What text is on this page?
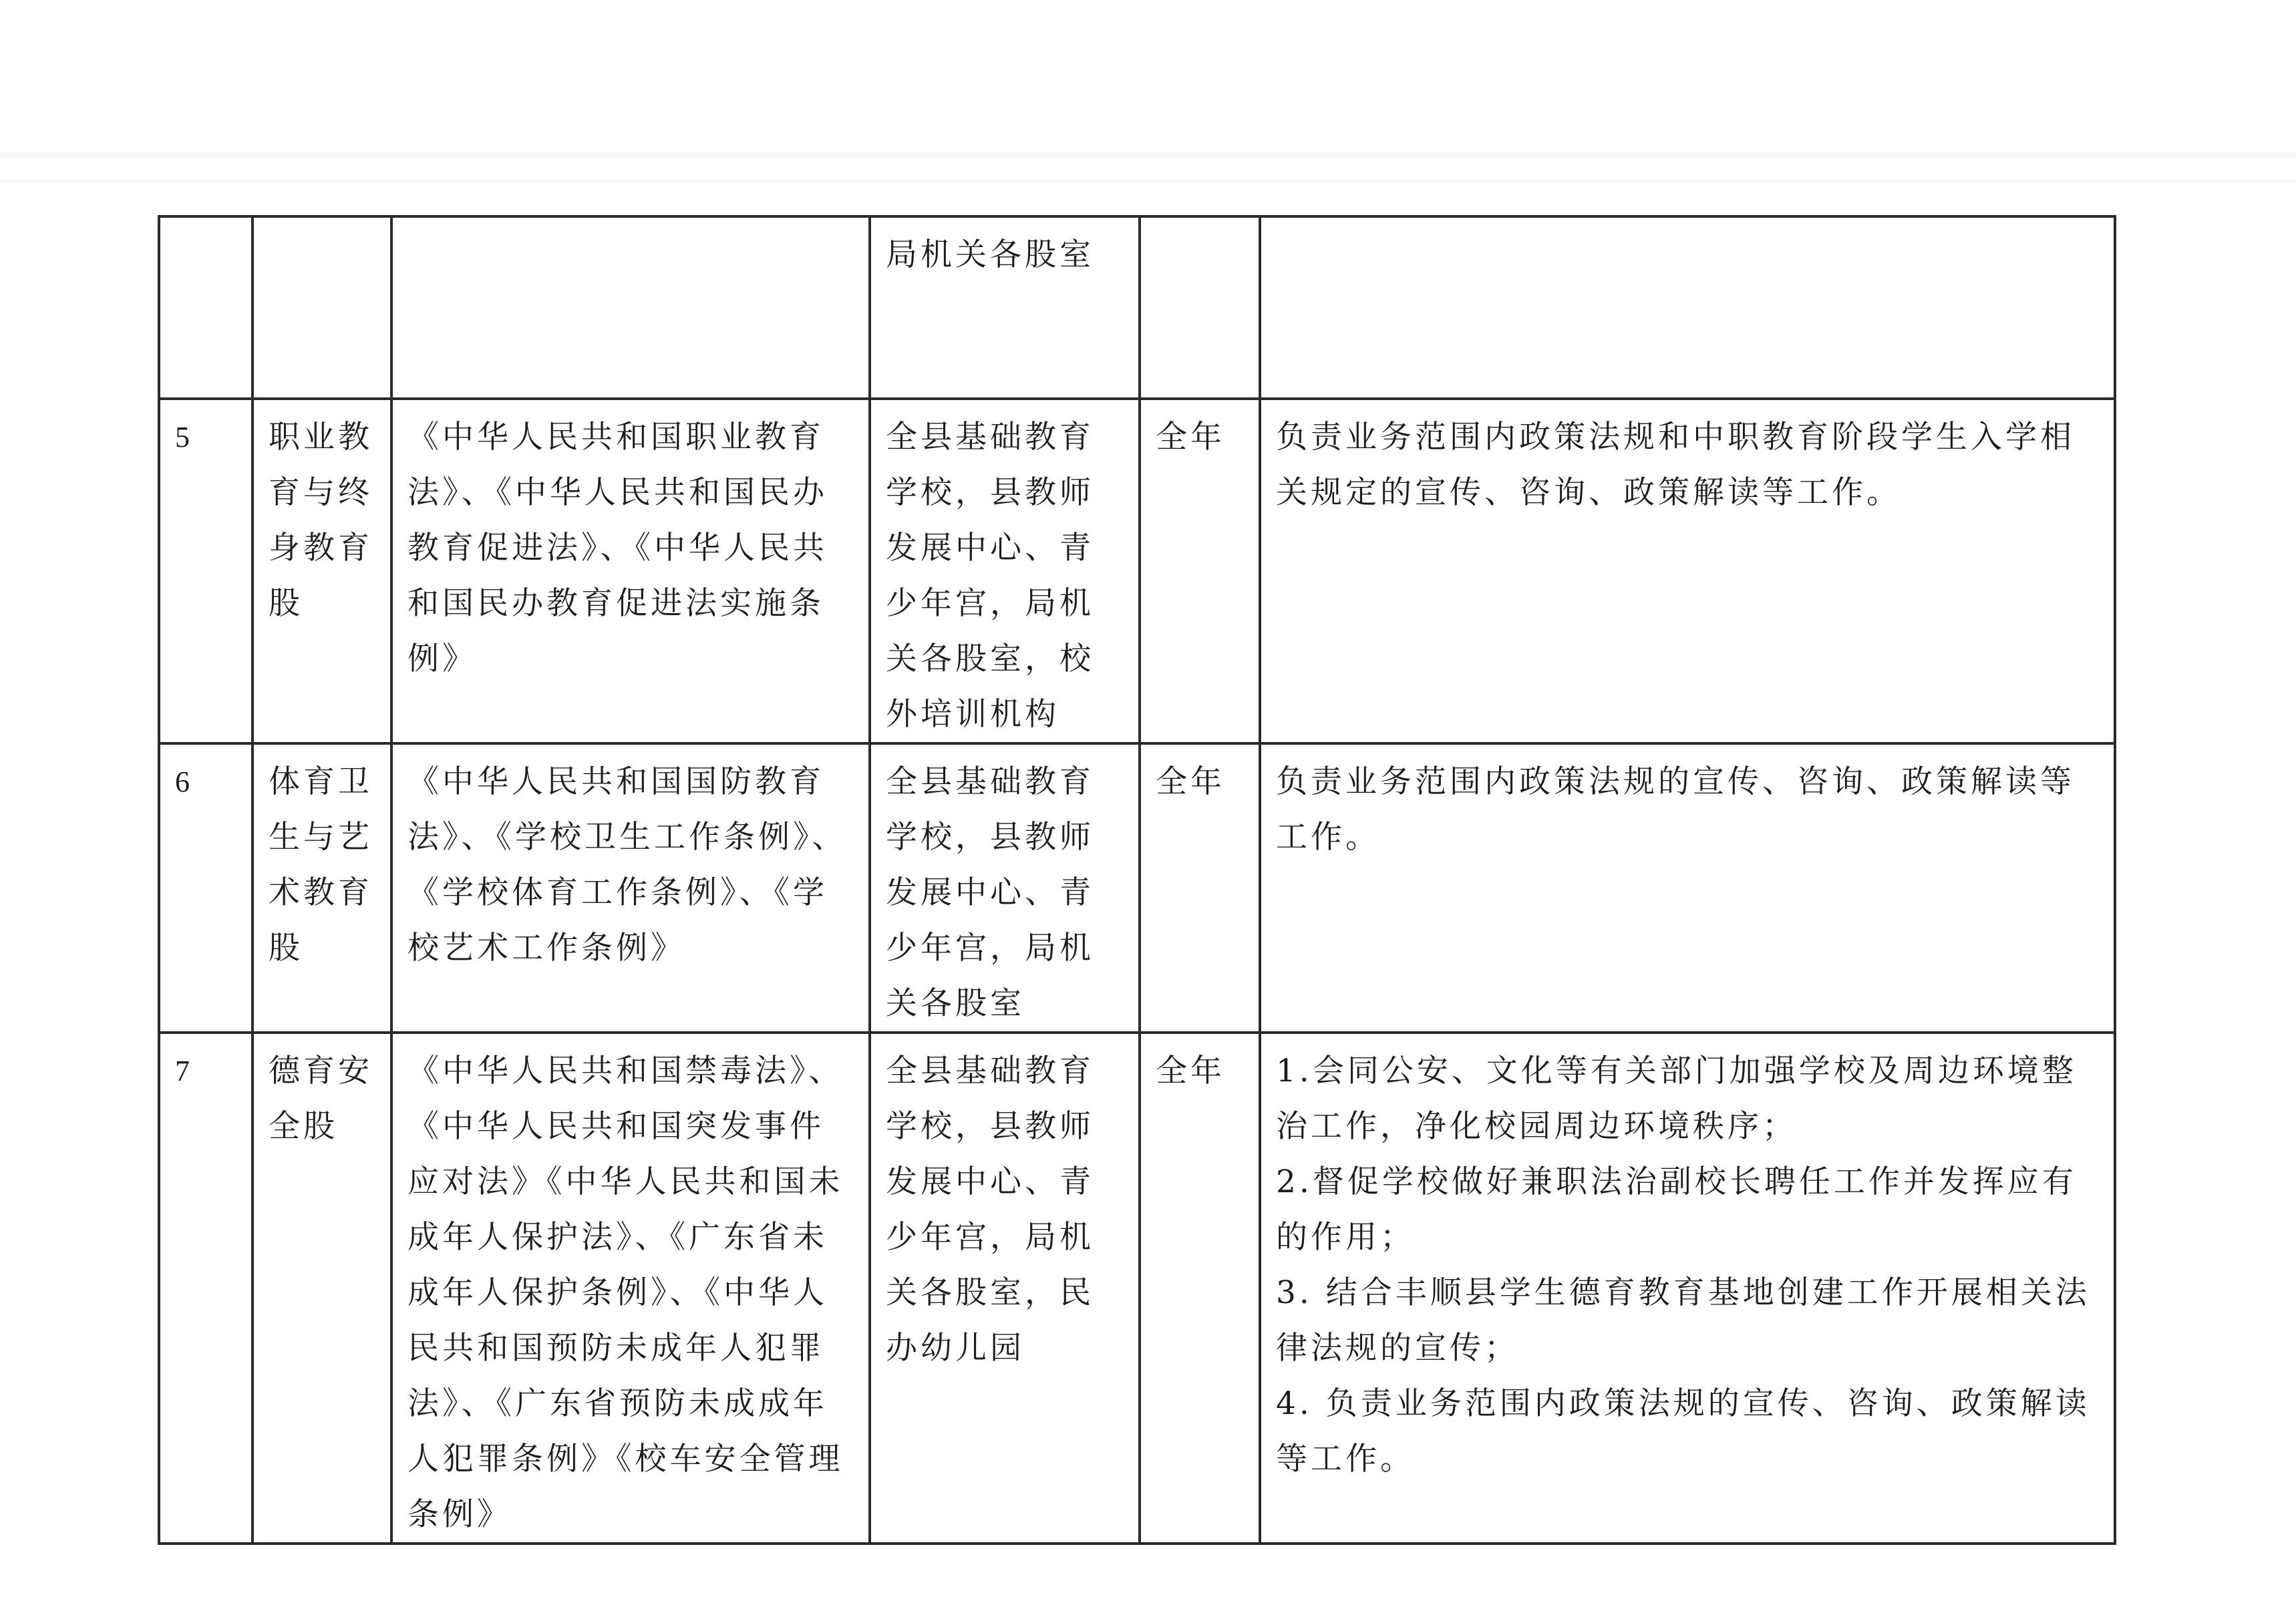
			局机关各股室		
5	职业教育与终身教育股	《中华人民共和国职业教育法》、《中华人民共和国民办教育促进法》、《中华人民共和国民办教育促进法实施条例》	全县基础教育学校，县教师发展中心、青少年宫，局机关各股室，校外培训机构	全年	负责业务范围内政策法规和中职教育阶段学生入学相关规定的宣传、咨询、政策解读等工作。

6	体育卫生与艺术教育股	《中华人民共和国国防教育法》、《学校卫生工作条例》、《学校体育工作条例》、《学校艺术工作条例》	全县基础教育学校，县教师发展中心、青少年宫，局机关各股室	全年	负责业务范围内政策法规的宣传、咨询、政策解读等工作。

7	德育安全股	《中华人民共和国禁毒法》、《中华人民共和国突发事件应对法》《中华人民共和国未成年人保护法》、《广东省未成年人保护条例》、《中华人民共和国预防未成年人犯罪法》、《广东省预防未成成年人犯罪条例》《校车安全管理条例》	全县基础教育学校，县教师发展中心、青少年宫，局机关各股室，民办幼儿园	全年	1.会同公安、文化等有关部门加强学校及周边环境整治工作，净化校园周边环境秩序；
2.督促学校做好兼职法治副校长聘任工作并发挥应有的作用；
3. 结合丰顺县学生德育教育基地创建工作开展相关法律法规的宣传；
4. 负责业务范围内政策法规的宣传、咨询、政策解读等工作。
